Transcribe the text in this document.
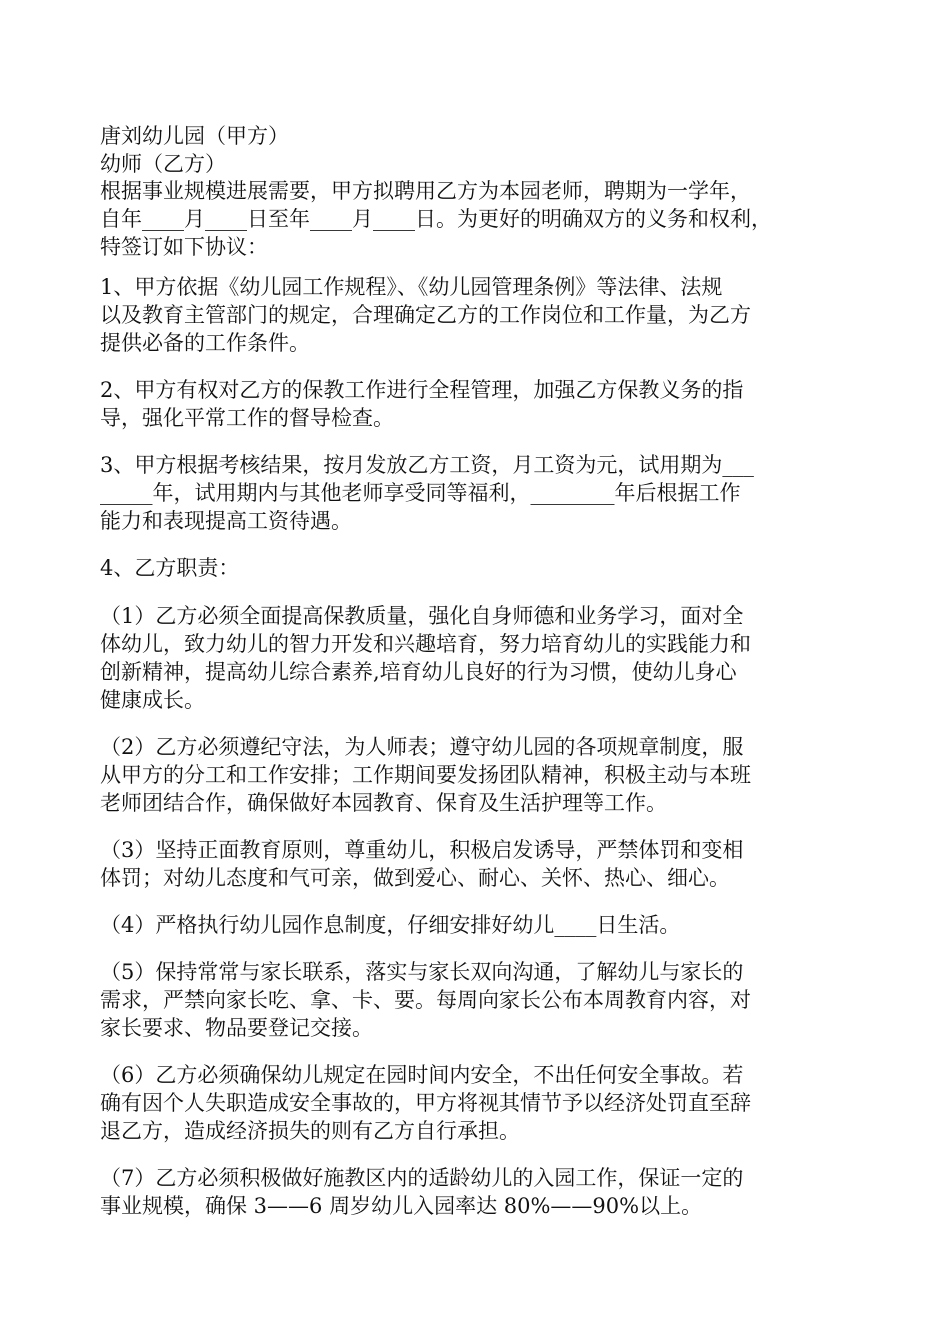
唐刘幼儿园（甲方）
幼师（乙方）
根据事业规模进展需要，甲方拟聘用乙方为本园老师，聘期为一学年，
自年____月____日至年____月____日。为更好的明确双方的义务和权利，
特签订如下协议：
1、甲方依据《幼儿园工作规程》、《幼儿园管理条例》等法律、法规
以及教育主管部门的规定，合理确定乙方的工作岗位和工作量，为乙方
提供必备的工作条件。
2、甲方有权对乙方的保教工作进行全程管理，加强乙方保教义务的指
导，强化平常工作的督导检查。
3、甲方根据考核结果，按月发放乙方工资，月工资为元，试用期为___
_____年，试用期内与其他老师享受同等福利，________年后根据工作
能力和表现提高工资待遇。
4、乙方职责：
（1）乙方必须全面提高保教质量，强化自身师德和业务学习，面对全
体幼儿，致力幼儿的智力开发和兴趣培育，努力培育幼儿的实践能力和
创新精神，提高幼儿综合素养,培育幼儿良好的行为习惯，使幼儿身心
健康成长。
（2）乙方必须遵纪守法，为人师表；遵守幼儿园的各项规章制度，服
从甲方的分工和工作安排；工作期间要发扬团队精神，积极主动与本班
老师团结合作，确保做好本园教育、保育及生活护理等工作。
（3）坚持正面教育原则，尊重幼儿，积极启发诱导，严禁体罚和变相
体罚；对幼儿态度和气可亲，做到爱心、耐心、关怀、热心、细心。
（4）严格执行幼儿园作息制度，仔细安排好幼儿____日生活。
（5）保持常常与家长联系，落实与家长双向沟通，了解幼儿与家长的
需求，严禁向家长吃、拿、卡、要。每周向家长公布本周教育内容，对
家长要求、物品要登记交接。
（6）乙方必须确保幼儿规定在园时间内安全，不出任何安全事故。若
确有因个人失职造成安全事故的，甲方将视其情节予以经济处罚直至辞
退乙方，造成经济损失的则有乙方自行承担。
（7）乙方必须积极做好施教区内的适龄幼儿的入园工作，保证一定的
事业规模，确保 3——6 周岁幼儿入园率达 80%——90%以上。
